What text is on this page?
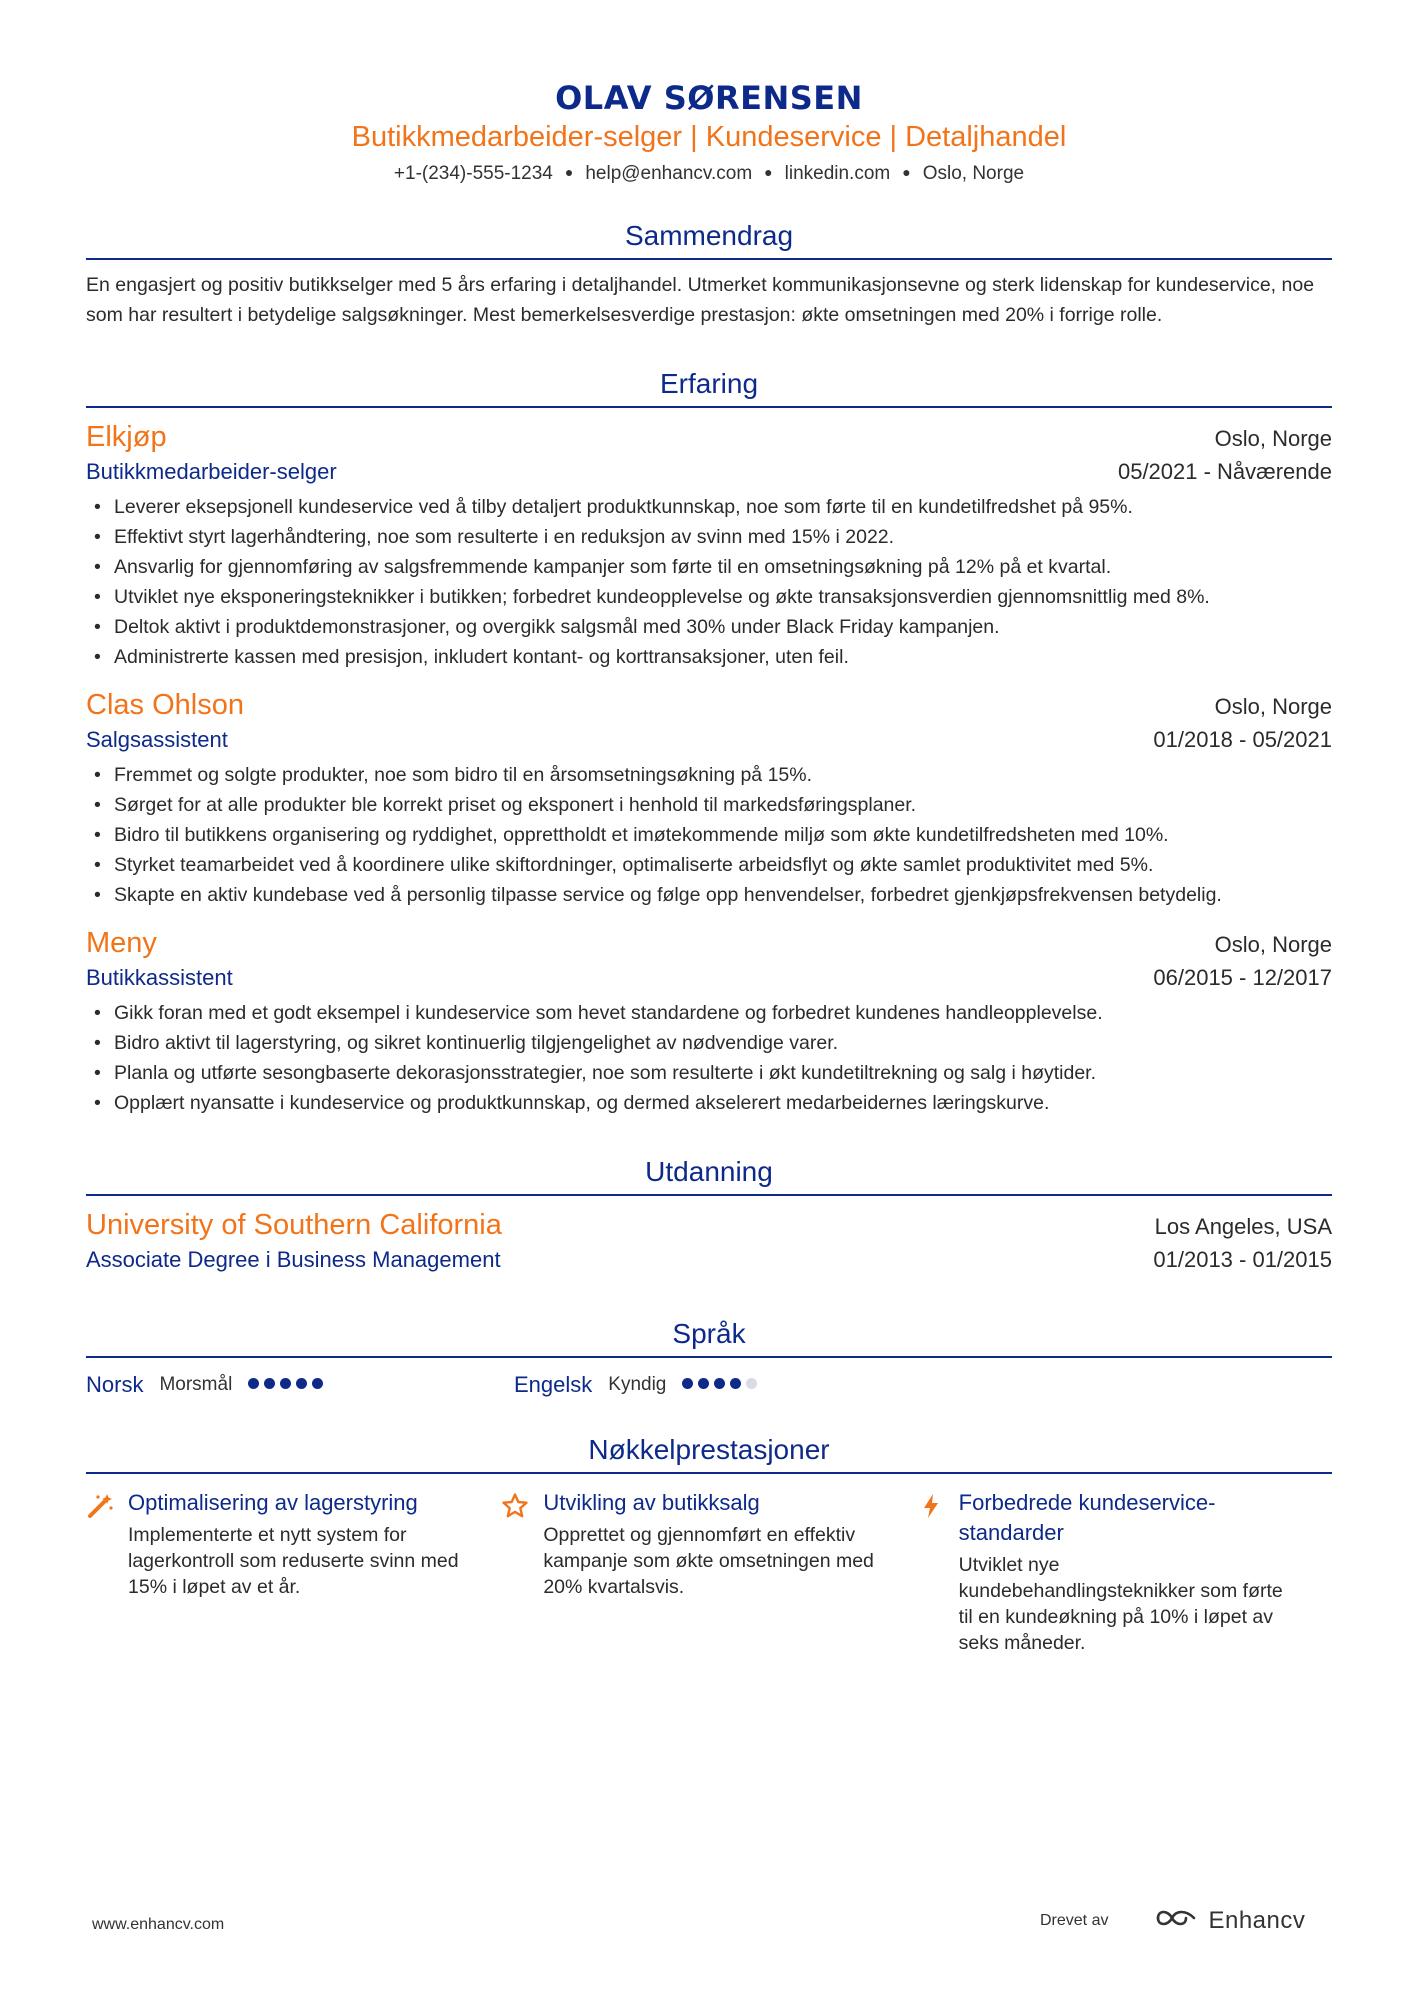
OLAV SØRENSEN
Butikkmedarbeider-selger | Kundeservice | Detaljhandel
+1-(234)-555-1234 ● help@enhancv.com ● linkedin.com ● Oslo, Norge
Sammendrag
En engasjert og positiv butikkselger med 5 års erfaring i detaljhandel. Utmerket kommunikasjonsevne og sterk lidenskap for kundeservice, noe som har resultert i betydelige salgsøkninger. Mest bemerkelsesverdige prestasjon: økte omsetningen med 20% i forrige rolle.
Erfaring
Elkjøp	Oslo, Norge
Butikkmedarbeider-selger	05/2021 - Nåværende
• Leverer eksepsjonell kundeservice ved å tilby detaljert produktkunnskap, noe som førte til en kundetilfredshet på 95%.
• Effektivt styrt lagerhåndtering, noe som resulterte i en reduksjon av svinn med 15% i 2022.
• Ansvarlig for gjennomføring av salgsfremmende kampanjer som førte til en omsetningsøkning på 12% på et kvartal.
• Utviklet nye eksponeringsteknikker i butikken; forbedret kundeopplevelse og økte transaksjonsverdien gjennomsnittlig med 8%.
• Deltok aktivt i produktdemonstrasjoner, og overgikk salgsmål med 30% under Black Friday kampanjen.
• Administrerte kassen med presisjon, inkludert kontant- og korttransaksjoner, uten feil.
Clas Ohlson	Oslo, Norge
Salgsassistent	01/2018 - 05/2021
• Fremmet og solgte produkter, noe som bidro til en årsomsetningsøkning på 15%.
• Sørget for at alle produkter ble korrekt priset og eksponert i henhold til markedsføringsplaner.
• Bidro til butikkens organisering og ryddighet, opprettholdt et imøtekommende miljø som økte kundetilfredsheten med 10%.
• Styrket teamarbeidet ved å koordinere ulike skiftordninger, optimaliserte arbeidsflyt og økte samlet produktivitet med 5%.
• Skapte en aktiv kundebase ved å personlig tilpasse service og følge opp henvendelser, forbedret gjenkjøpsfrekvensen betydelig.
Meny	Oslo, Norge
Butikkassistent	06/2015 - 12/2017
• Gikk foran med et godt eksempel i kundeservice som hevet standardene og forbedret kundenes handleopplevelse.
• Bidro aktivt til lagerstyring, og sikret kontinuerlig tilgjengelighet av nødvendige varer.
• Planla og utførte sesongbaserte dekorasjonsstrategier, noe som resulterte i økt kundetiltrekning og salg i høytider.
• Opplært nyansatte i kundeservice og produktkunnskap, og dermed akselerert medarbeidernes læringskurve.
Utdanning
University of Southern California	Los Angeles, USA
Associate Degree i Business Management	01/2013 - 01/2015
Språk
Norsk Morsmål	Engelsk Kyndig
Nøkkelprestasjoner
Optimalisering av lagerstyring
Implementerte et nytt system for lagerkontroll som reduserte svinn med 15% i løpet av et år.
Utvikling av butikksalg
Opprettet og gjennomført en effektiv kampanje som økte omsetningen med 20% kvartalsvis.
Forbedrede kundeservice-standarder
Utviklet nye kundebehandlingsteknikker som førte til en kundeøkning på 10% i løpet av seks måneder.
www.enhancv.com	Drevet av	Enhancv
